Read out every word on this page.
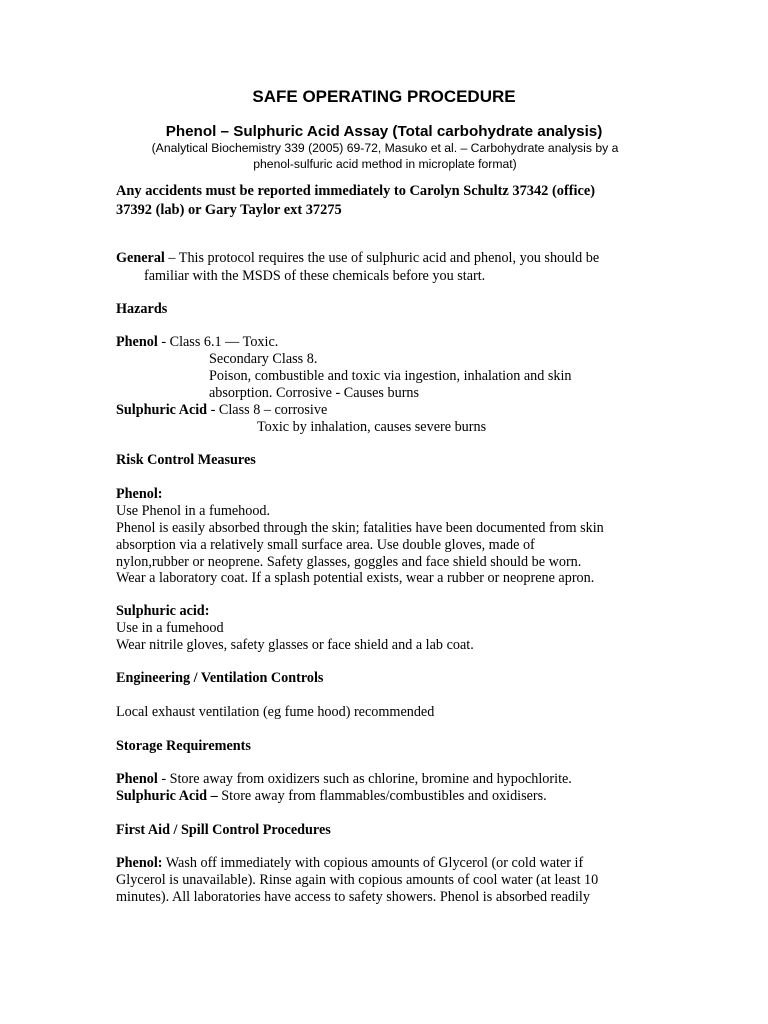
SAFE OPERATING PROCEDURE
Phenol – Sulphuric Acid Assay (Total carbohydrate analysis)
(Analytical Biochemistry 339 (2005) 69-72, Masuko et al. – Carbohydrate analysis by a
phenol-sulfuric acid method in microplate format)
Any accidents must be reported immediately to Carolyn Schultz 37342 (office)
37392 (lab) or Gary Taylor ext 37275
General – This protocol requires the use of sulphuric acid and phenol, you should be
familiar with the MSDS of these chemicals before you start.
Hazards
Phenol - Class 6.1 — Toxic.
Secondary Class 8.
Poison, combustible and toxic via ingestion, inhalation and skin
absorption. Corrosive - Causes burns
Sulphuric Acid - Class 8 – corrosive
Toxic by inhalation, causes severe burns
Risk Control Measures
Phenol:
Use Phenol in a fumehood.
Phenol is easily absorbed through the skin; fatalities have been documented from skin
absorption via a relatively small surface area. Use double gloves, made of
nylon,rubber or neoprene. Safety glasses, goggles and face shield should be worn.
Wear a laboratory coat. If a splash potential exists, wear a rubber or neoprene apron.
Sulphuric acid:
Use in a fumehood
Wear nitrile gloves, safety glasses or face shield and a lab coat.
Engineering / Ventilation Controls
Local exhaust ventilation (eg fume hood) recommended
Storage Requirements
Phenol - Store away from oxidizers such as chlorine, bromine and hypochlorite.
Sulphuric Acid – Store away from flammables/combustibles and oxidisers.
First Aid / Spill Control Procedures
Phenol: Wash off immediately with copious amounts of Glycerol (or cold water if
Glycerol is unavailable). Rinse again with copious amounts of cool water (at least 10
minutes). All laboratories have access to safety showers. Phenol is absorbed readily
